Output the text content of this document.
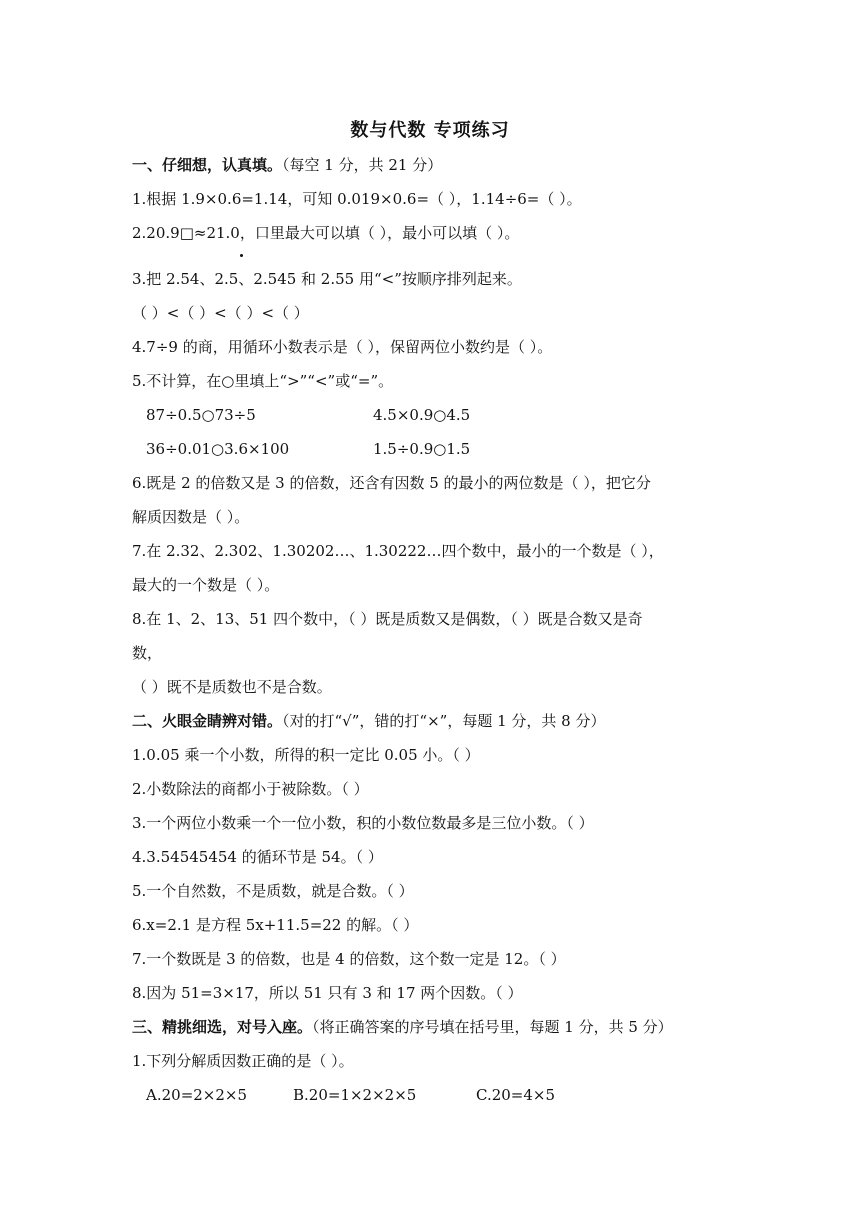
数与代数 专项练习
一、仔细想，认真填。（每空 1 分，共 21 分）
1.根据 1.9×0.6=1.14，可知 0.019×0.6=（ ），1.14÷6=（ ）。
2.20.9□≈21.0，口里最大可以填（ ），最小可以填（ ）。
3.把 2.54、2.5、2.545 和 2.55 用“<”按顺序排列起来。
（ ）<（ ）<（ ）<（ ）
4.7÷9 的商，用循环小数表示是（ ），保留两位小数约是（ ）。
5.不计算，在○里填上“>”“<”或“=”。
87÷0.5○73÷5	4.5×0.9○4.5
36÷0.01○3.6×100	1.5÷0.9○1.5
6.既是 2 的倍数又是 3 的倍数，还含有因数 5 的最小的两位数是（ ），把它分
解质因数是（ ）。
7.在 2.32、2.302、1.30202…、1.30222…四个数中，最小的一个数是（ ），
最大的一个数是（ ）。
8.在 1、2、13、51 四个数中，（ ）既是质数又是偶数，（ ）既是合数又是奇
数，
（ ）既不是质数也不是合数。
二、火眼金睛辨对错。（对的打“√”，错的打“×”，每题 1 分，共 8 分）
1.0.05 乘一个小数，所得的积一定比 0.05 小。（ ）
2.小数除法的商都小于被除数。（ ）
3.一个两位小数乘一个一位小数，积的小数位数最多是三位小数。（ ）
4.3.54545454 的循环节是 54。（ ）
5.一个自然数，不是质数，就是合数。（ ）
6.x=2.1 是方程 5x+11.5=22 的解。（ ）
7.一个数既是 3 的倍数，也是 4 的倍数，这个数一定是 12。（ ）
8.因为 51=3×17，所以 51 只有 3 和 17 两个因数。（ ）
三、精挑细选，对号入座。（将正确答案的序号填在括号里，每题 1 分，共 5 分）
1.下列分解质因数正确的是（ ）。
A.20=2×2×5	B.20=1×2×2×5	C.20=4×5
